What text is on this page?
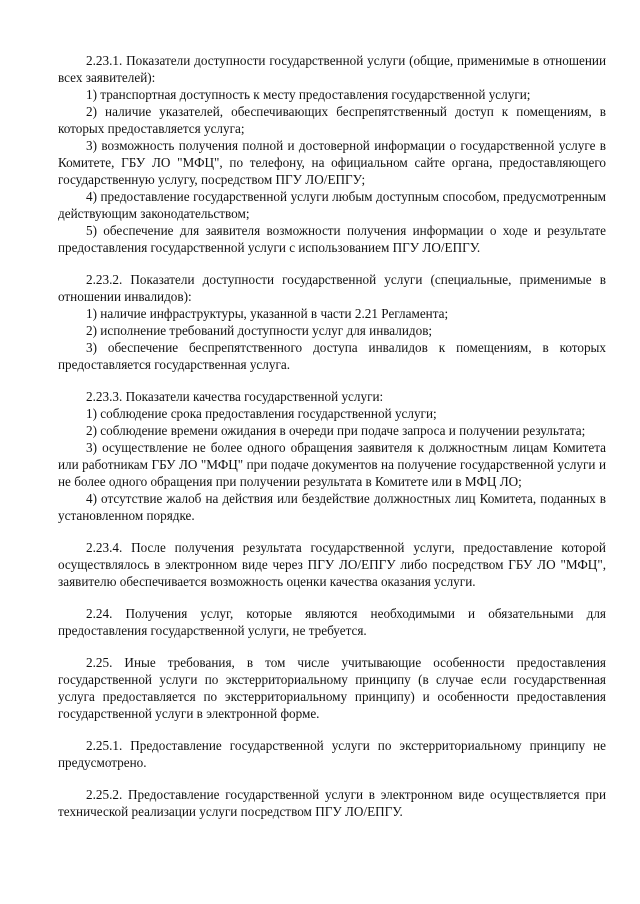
2.23.1. Показатели доступности государственной услуги (общие, применимые в отношении всех заявителей):

1) транспортная доступность к месту предоставления государственной услуги;

2) наличие указателей, обеспечивающих беспрепятственный доступ к помещениям, в которых предоставляется услуга;

3) возможность получения полной и достоверной информации о государственной услуге в Комитете, ГБУ ЛО "МФЦ", по телефону, на официальном сайте органа, предоставляющего государственную услугу, посредством ПГУ ЛО/ЕПГУ;

4) предоставление государственной услуги любым доступным способом, предусмотренным действующим законодательством;

5) обеспечение для заявителя возможности получения информации о ходе и результате предоставления государственной услуги с использованием ПГУ ЛО/ЕПГУ.

2.23.2. Показатели доступности государственной услуги (специальные, применимые в отношении инвалидов):

1) наличие инфраструктуры, указанной в части 2.21 Регламента;

2) исполнение требований доступности услуг для инвалидов;

3) обеспечение беспрепятственного доступа инвалидов к помещениям, в которых предоставляется государственная услуга.

2.23.3. Показатели качества государственной услуги:

1) соблюдение срока предоставления государственной услуги;

2) соблюдение времени ожидания в очереди при подаче запроса и получении результата;

3) осуществление не более одного обращения заявителя к должностным лицам Комитета или работникам ГБУ ЛО "МФЦ" при подаче документов на получение государственной услуги и не более одного обращения при получении результата в Комитете или в МФЦ ЛО;

4) отсутствие жалоб на действия или бездействие должностных лиц Комитета, поданных в установленном порядке.

2.23.4. После получения результата государственной услуги, предоставление которой осуществлялось в электронном виде через ПГУ ЛО/ЕПГУ либо посредством ГБУ ЛО "МФЦ", заявителю обеспечивается возможность оценки качества оказания услуги.

2.24. Получения услуг, которые являются необходимыми и обязательными для предоставления государственной услуги, не требуется.

2.25. Иные требования, в том числе учитывающие особенности предоставления государственной услуги по экстерриториальному принципу (в случае если государственная услуга предоставляется по экстерриториальному принципу) и особенности предоставления государственной услуги в электронной форме.

2.25.1. Предоставление государственной услуги по экстерриториальному принципу не предусмотрено.

2.25.2. Предоставление государственной услуги в электронном виде осуществляется при технической реализации услуги посредством ПГУ ЛО/ЕПГУ.
